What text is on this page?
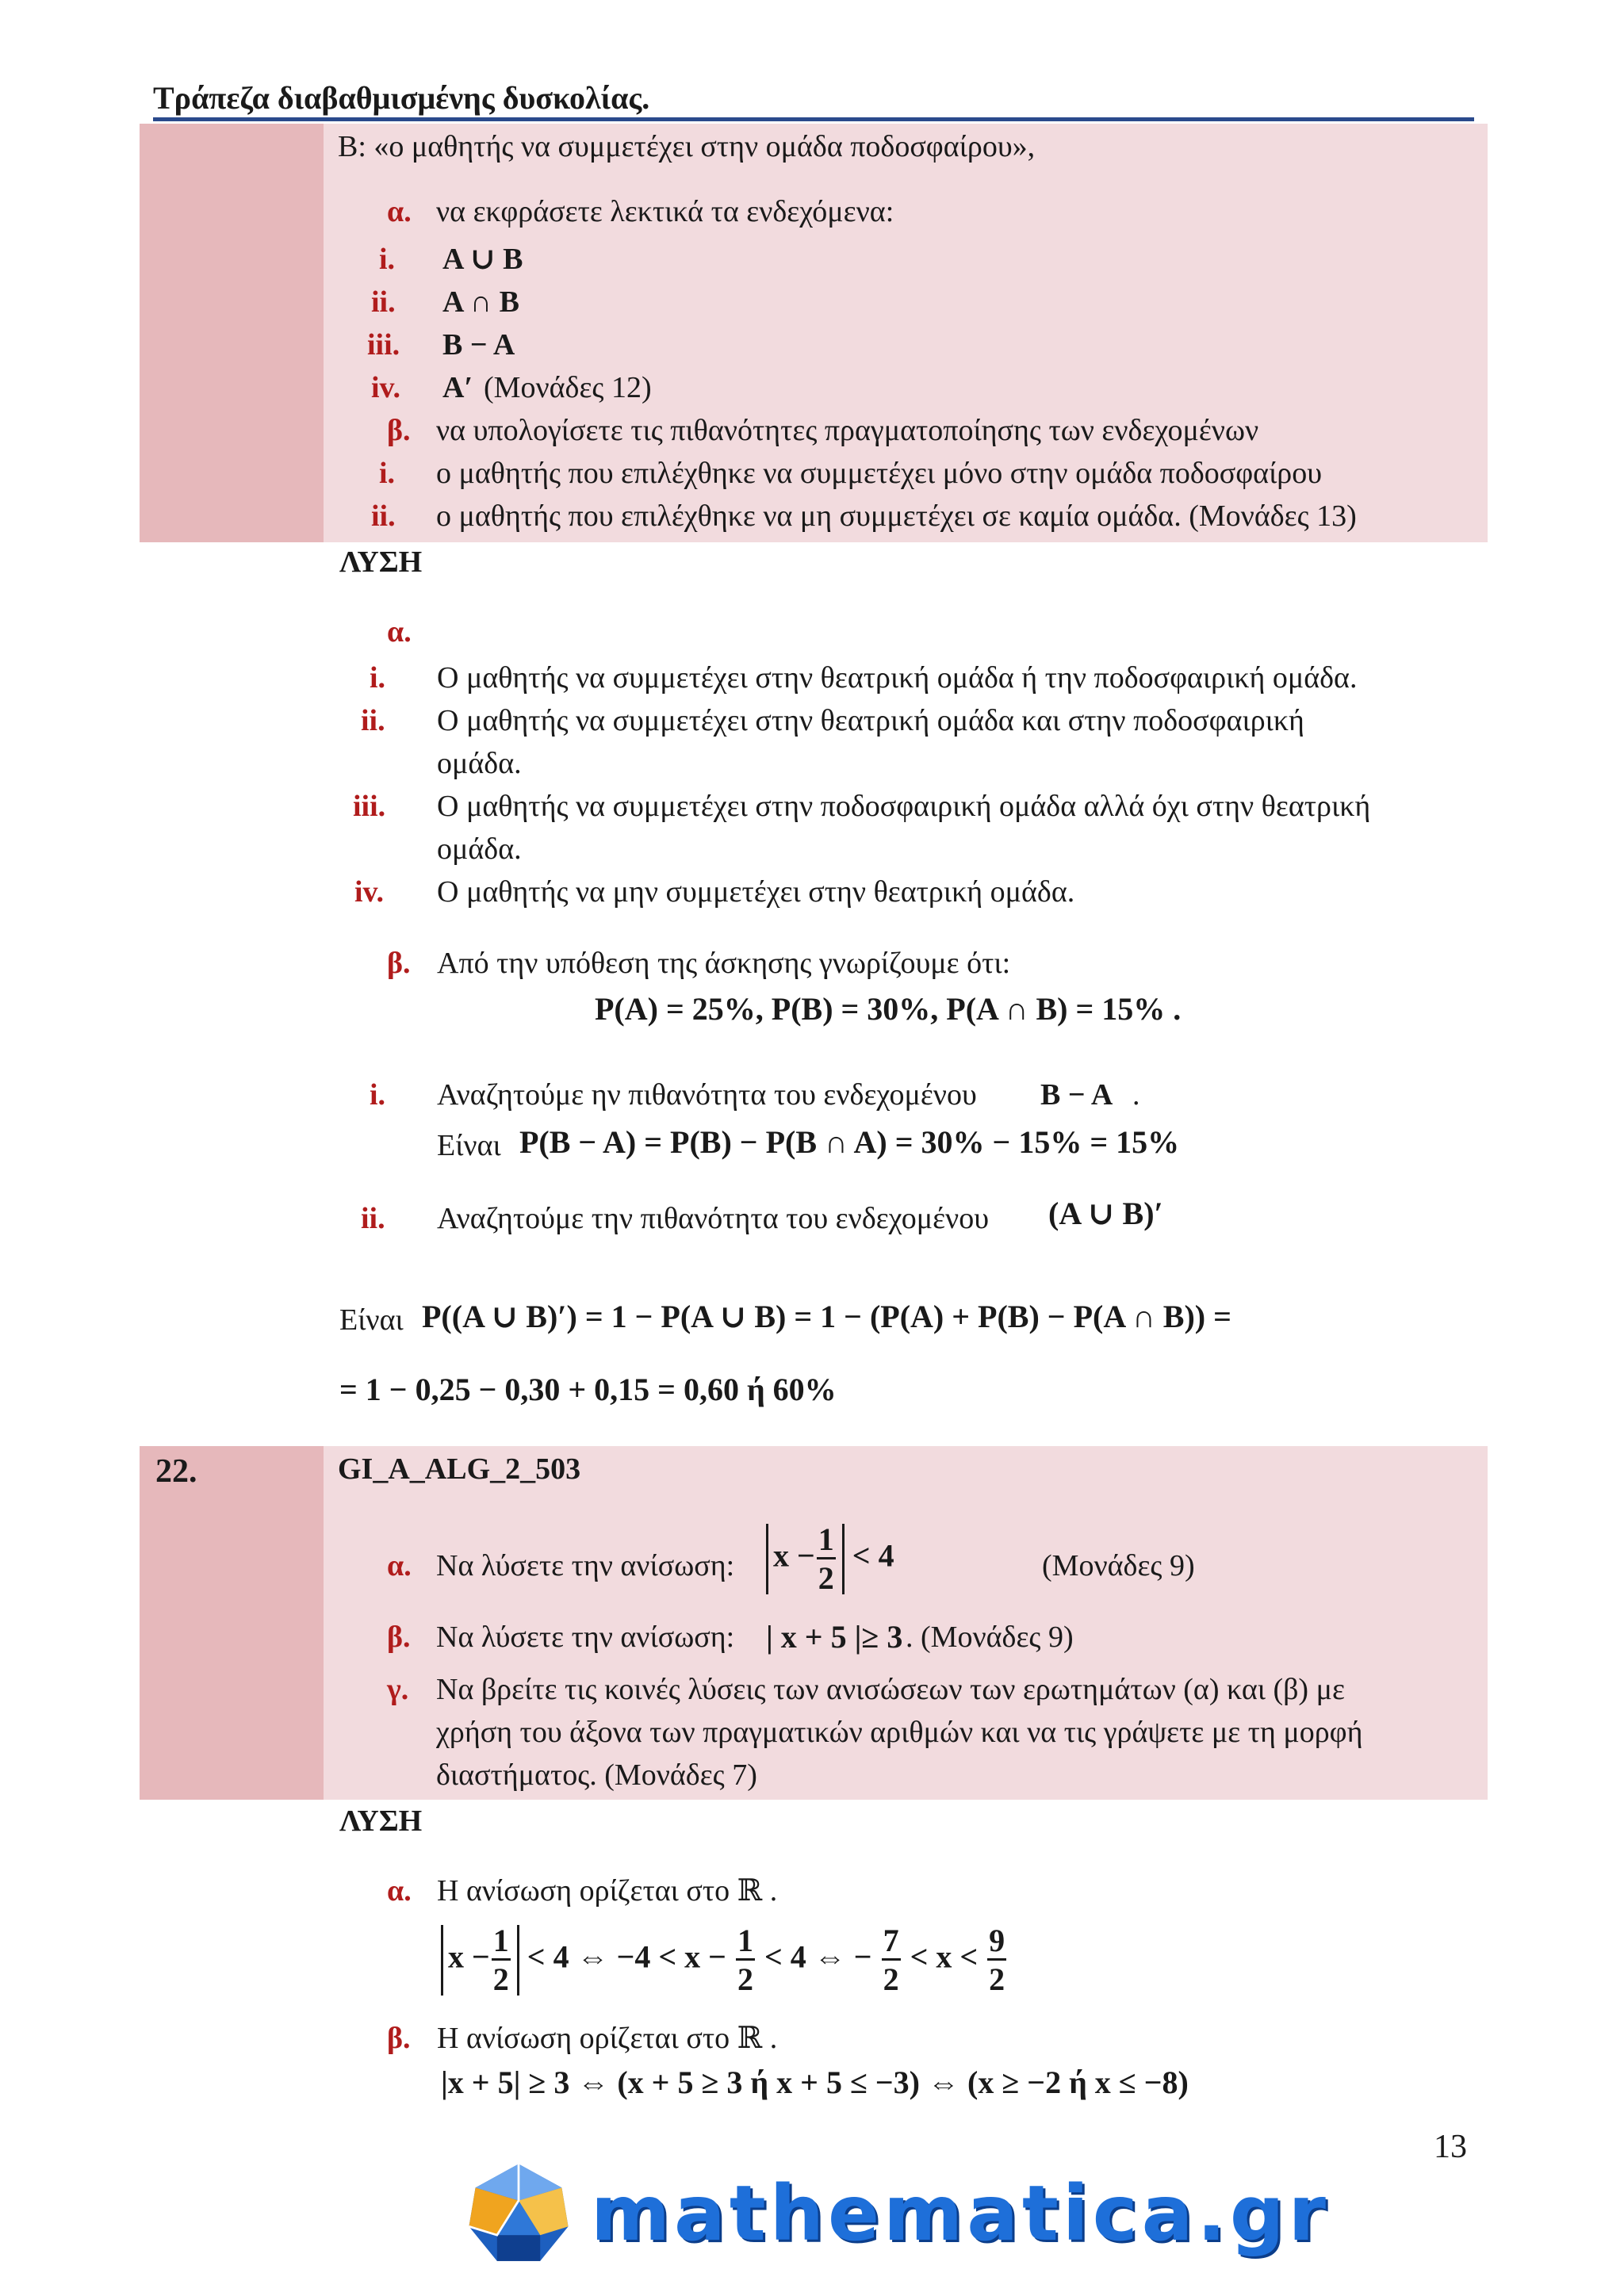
Τράπεζα διαβαθμισμένης δυσκολίας.
Β: «ο μαθητής να συμμετέχει στην ομάδα ποδοσφαίρου»,
α. να εκφράσετε λεκτικά τα ενδεχόμενα:
i. A ∪ B
ii. A ∩ B
iii. B − A
iv. A′ (Μονάδες 12)
β. να υπολογίσετε τις πιθανότητες πραγματοποίησης των ενδεχομένων
i. ο μαθητής που επιλέχθηκε να συμμετέχει μόνο στην ομάδα ποδοσφαίρου
ii. ο μαθητής που επιλέχθηκε να μη συμμετέχει σε καμία ομάδα. (Μονάδες 13)
ΛΥΣΗ
α.
i. Ο μαθητής να συμμετέχει στην θεατρική ομάδα ή την ποδοσφαιρική ομάδα.
ii. Ο μαθητής να συμμετέχει στην θεατρική ομάδα και στην ποδοσφαιρική
ομάδα.
iii. Ο μαθητής να συμμετέχει στην ποδοσφαιρική ομάδα αλλά όχι στην θεατρική
ομάδα.
iv. Ο μαθητής να μην συμμετέχει στην θεατρική ομάδα.
β. Από την υπόθεση της άσκησης γνωρίζουμε ότι:
P(A) = 25%, P(B) = 30%, P(A ∩ B) = 15% .
i. Αναζητούμε ην πιθανότητα του ενδεχομένου B − A .
Είναι P(B − A) = P(B) − P(B ∩ A) = 30% − 15% = 15%
ii. Αναζητούμε την πιθανότητα του ενδεχομένου (A ∪ B)′
Είναι P((A ∪ B)′) = 1 − P(A ∪ B) = 1 − (P(A) + P(B) − P(A ∩ B)) =
= 1 − 0,25 − 0,30 + 0,15 = 0,60 ή 60%
22.	GI_A_ALG_2_503
α. Να λύσετε την ανίσωση: $x - \frac{1}{2} < 4$	(Μονάδες 9)
β. Να λύσετε την ανίσωση: | x + 5 |≥ 3 . (Μονάδες 9)
γ. Να βρείτε τις κοινές λύσεις των ανισώσεων των ερωτημάτων (α) και (β) με
χρήση του άξονα των πραγματικών αριθμών και να τις γράψετε με τη μορφή
διαστήματος. (Μονάδες 7)
ΛΥΣΗ
α. Η ανίσωση ορίζεται στο ℝ .
$x - \frac{1}{2} < 4$ ⇔ $-4 < x - \frac{1}{2} < 4$ ⇔ − $\frac{7}{2} < x < \frac{9}{2}$
β. Η ανίσωση ορίζεται στο ℝ .
|x + 5| ≥ 3 ⇔ (x + 5 ≥ 3 ή x + 5 ≤ −3) ⇔ (x ≥ −2 ή x ≤ −8)
13
mathematica.gr
